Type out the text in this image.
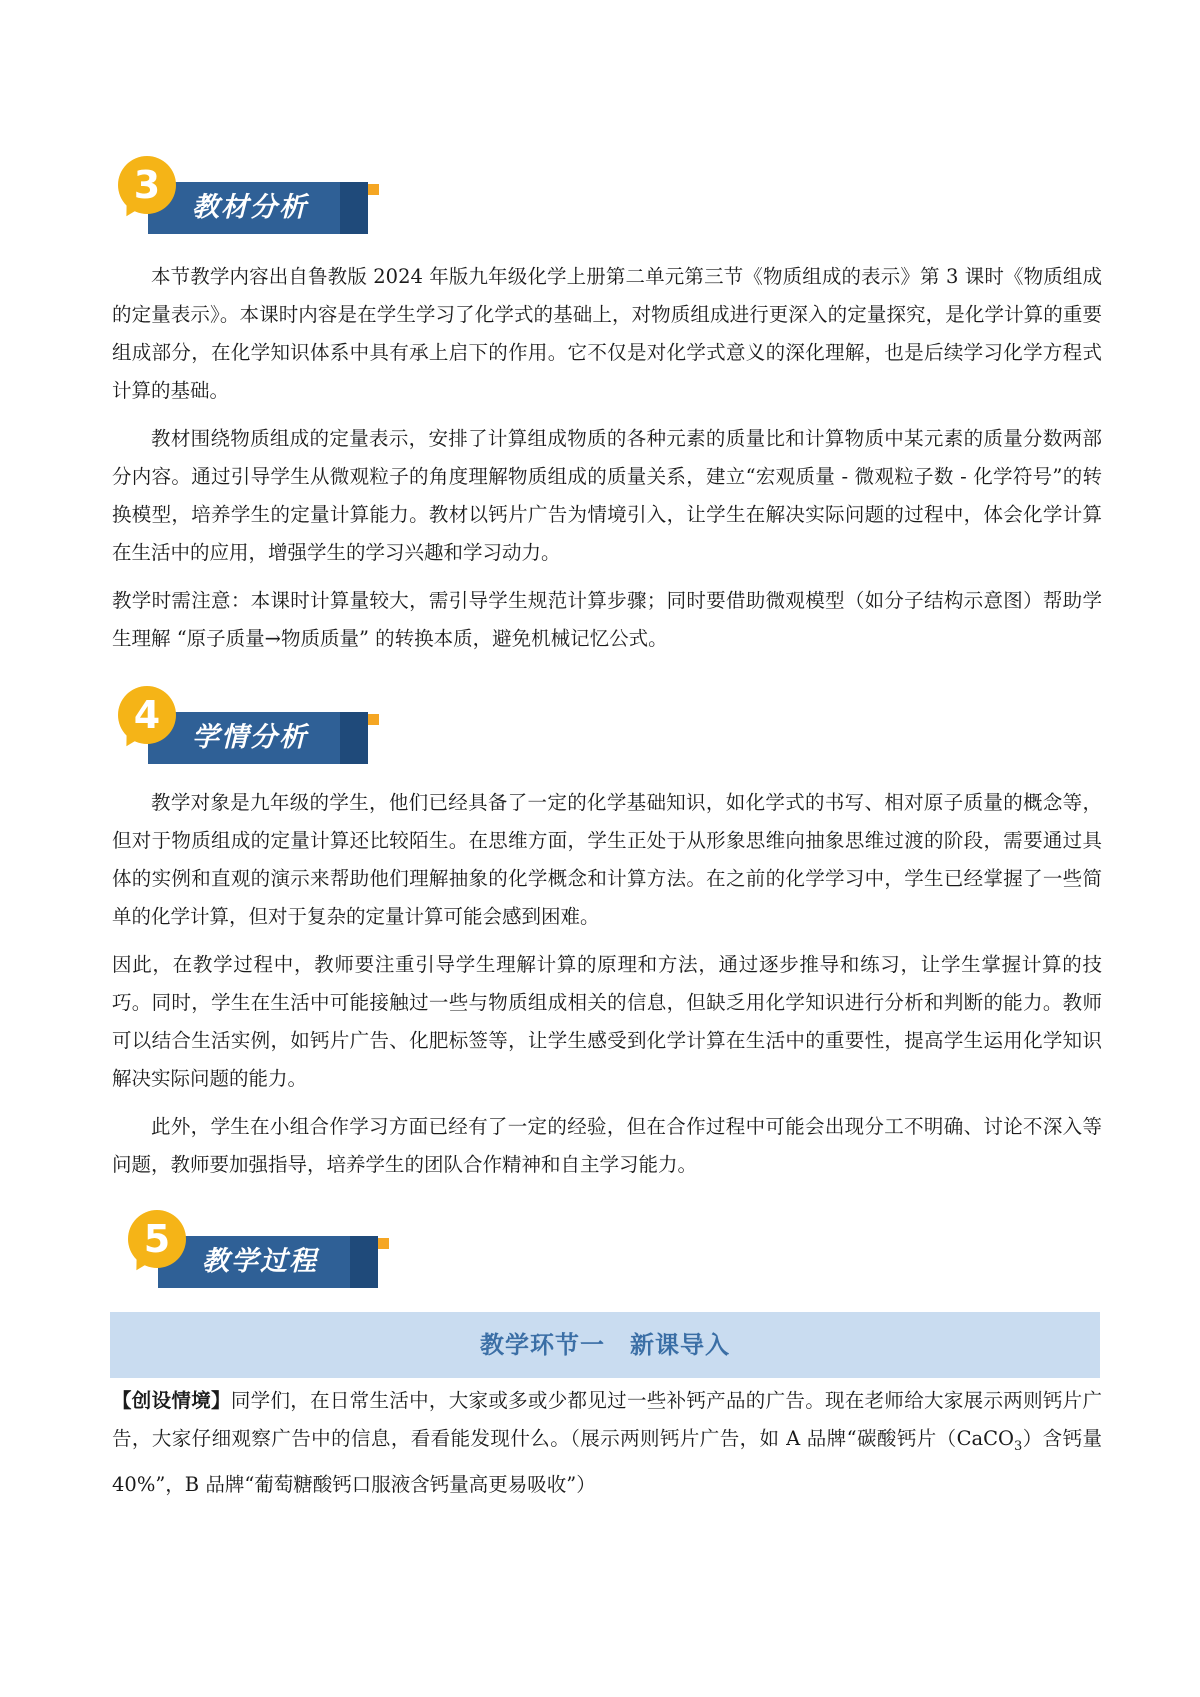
3
教材分析

本节教学内容出自鲁教版 2024 年版九年级化学上册第二单元第三节《物质组成的表示》第 3 课时《物质组成的定量表示》。本课时内容是在学生学习了化学式的基础上，对物质组成进行更深入的定量探究，是化学计算的重要组成部分，在化学知识体系中具有承上启下的作用。它不仅是对化学式意义的深化理解，也是后续学习化学方程式计算的基础。

教材围绕物质组成的定量表示，安排了计算组成物质的各种元素的质量比和计算物质中某元素的质量分数两部分内容。通过引导学生从微观粒子的角度理解物质组成的质量关系，建立“宏观质量 - 微观粒子数 - 化学符号”的转换模型，培养学生的定量计算能力。教材以钙片广告为情境引入，让学生在解决实际问题的过程中，体会化学计算在生活中的应用，增强学生的学习兴趣和学习动力。

教学时需注意：本课时计算量较大，需引导学生规范计算步骤；同时要借助微观模型（如分子结构示意图）帮助学生理解 “原子质量→物质质量” 的转换本质，避免机械记忆公式。

4
学情分析

教学对象是九年级的学生，他们已经具备了一定的化学基础知识，如化学式的书写、相对原子质量的概念等，但对于物质组成的定量计算还比较陌生。在思维方面，学生正处于从形象思维向抽象思维过渡的阶段，需要通过具体的实例和直观的演示来帮助他们理解抽象的化学概念和计算方法。在之前的化学学习中，学生已经掌握了一些简单的化学计算，但对于复杂的定量计算可能会感到困难。

因此，在教学过程中，教师要注重引导学生理解计算的原理和方法，通过逐步推导和练习，让学生掌握计算的技巧。同时，学生在生活中可能接触过一些与物质组成相关的信息，但缺乏用化学知识进行分析和判断的能力。教师可以结合生活实例，如钙片广告、化肥标签等，让学生感受到化学计算在生活中的重要性，提高学生运用化学知识解决实际问题的能力。

此外，学生在小组合作学习方面已经有了一定的经验，但在合作过程中可能会出现分工不明确、讨论不深入等问题，教师要加强指导，培养学生的团队合作精神和自主学习能力。

5
教学过程
教学环节一　新课导入

【创设情境】同学们，在日常生活中，大家或多或少都见过一些补钙产品的广告。现在老师给大家展示两则钙片广告，大家仔细观察广告中的信息，看看能发现什么。（展示两则钙片广告，如 A 品牌“碳酸钙片（CaCO$_3$）含钙量 40%”，B 品牌“葡萄糖酸钙口服液含钙量高更易吸收”）
